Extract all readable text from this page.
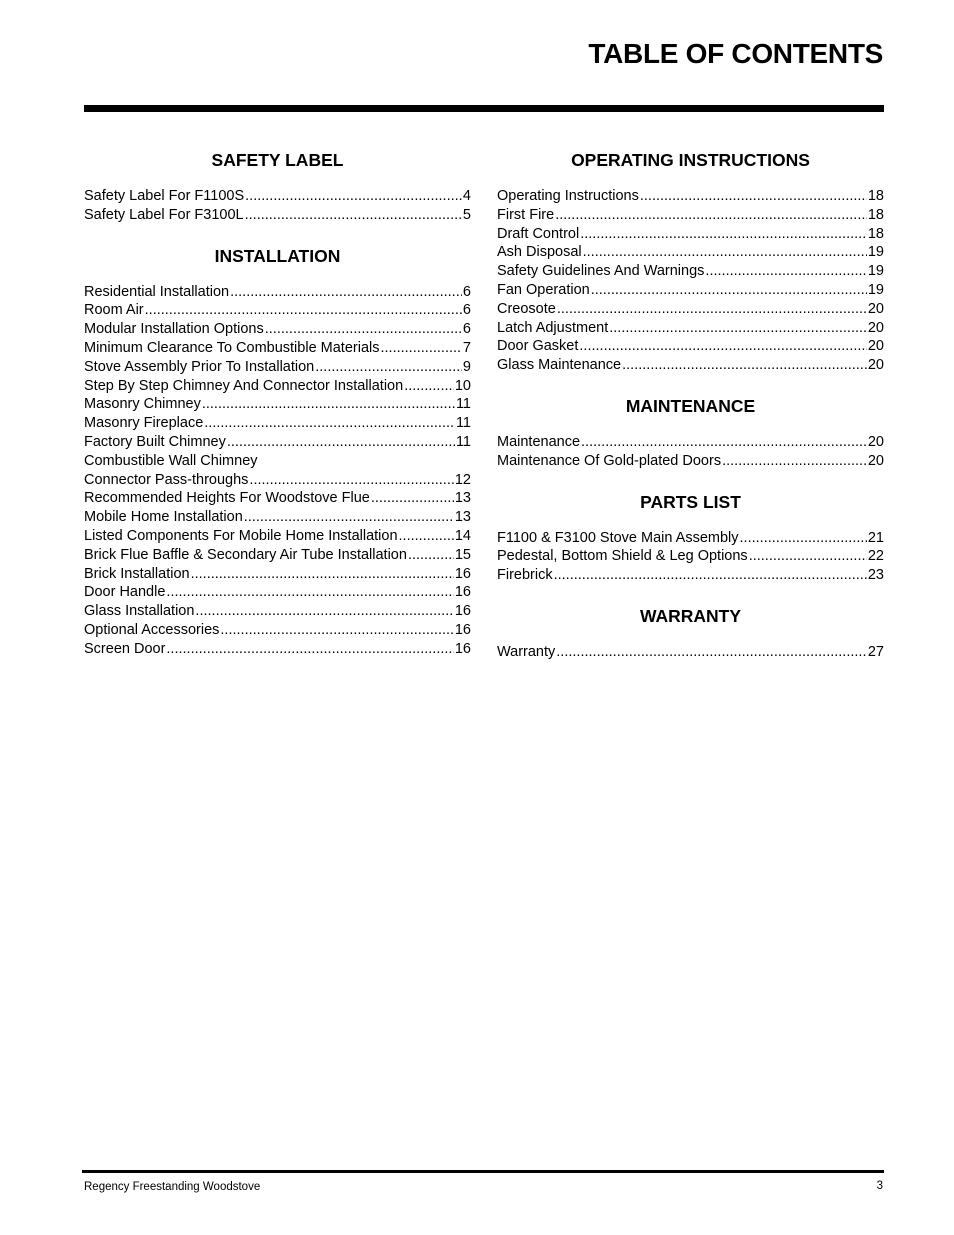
TABLE OF CONTENTS
SAFETY LABEL
Safety Label For F1100S .....	4
Safety Label For F3100L .....	5
INSTALLATION
Residential Installation .....	6
Room Air .....	6
Modular Installation Options .....	6
Minimum Clearance To Combustible Materials .....	7
Stove Assembly Prior To Installation .....	9
Step By Step Chimney And Connector Installation .....	10
Masonry Chimney .....	11
Masonry Fireplace .....	11
Factory Built Chimney .....	11
Combustible Wall Chimney
Connector Pass-throughs .....	12
Recommended Heights For Woodstove Flue .....	13
Mobile Home Installation .....	13
Listed Components For Mobile Home Installation .....	14
Brick Flue Baffle & Secondary Air Tube Installation .....	15
Brick Installation .....	16
Door Handle .....	16
Glass Installation .....	16
Optional Accessories .....	16
Screen Door .....	16
OPERATING INSTRUCTIONS
Operating Instructions .....	18
First Fire .....	18
Draft Control .....	18
Ash Disposal .....	19
Safety Guidelines And Warnings .....	19
Fan Operation .....	19
Creosote .....	20
Latch Adjustment .....	20
Door Gasket .....	20
Glass Maintenance .....	20
MAINTENANCE
Maintenance .....	20
Maintenance Of Gold-plated Doors .....	20
PARTS LIST
F1100 & F3100 Stove Main Assembly .....	21
Pedestal, Bottom Shield & Leg Options .....	22
Firebrick .....	23
WARRANTY
Warranty .....	27
Regency Freestanding Woodstove	3
